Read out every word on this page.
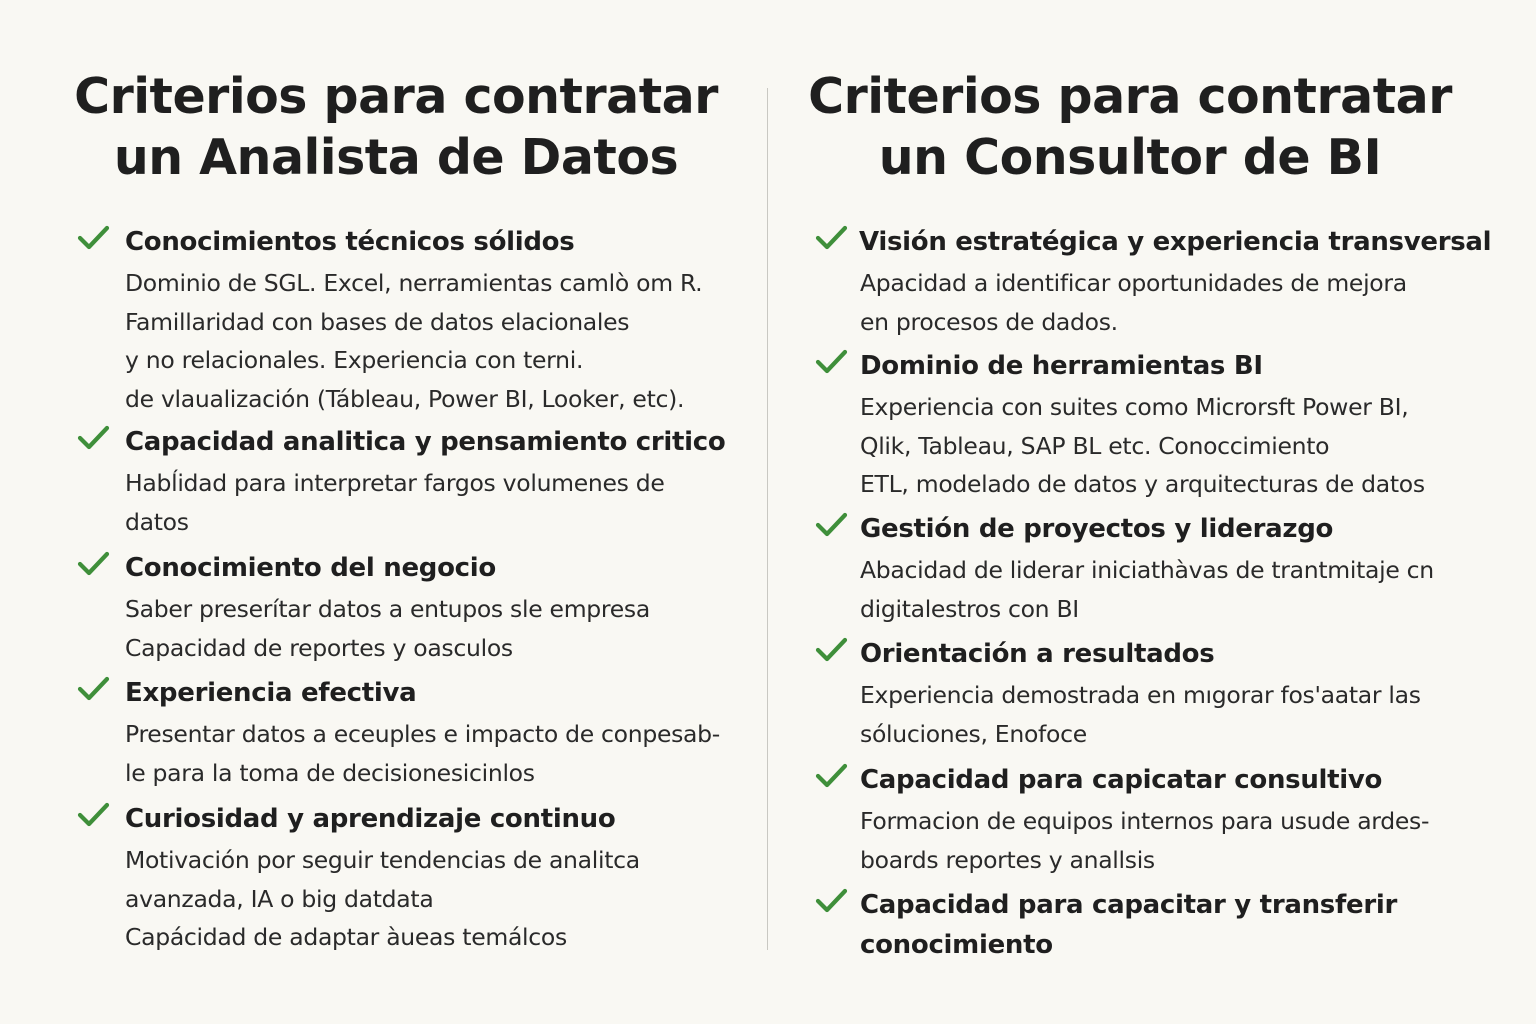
Criterios para contratar
un Analista de Datos
Conocimientos técnicos sólidos
Dominio de SGL. Excel, nerramientas camlò om R.
Famillaridad con bases de datos elacionales
y no relacionales. Experiencia con terni.
de vlaualización (Táblеau, Power BI, Looker, etc).
Capacidad analitica y pensamiento critico
Habĺidad para interpretar fargos volumenes de
datos
Conocimiento del negocio
Saber preserítar datos a entupos sle empresa
Capacidad de reportes y oasculos
Experiencia efectiva
Presentar datos a eceuples e impacto de conpesab-
le para la toma de decisionesicinlos
Curiosidad y aprendizaje continuo
Motivación por seguir tendencias de analitca
avanzada, IA o big datdata
Capácidad de adaptar àueas temálcos
Criterios para contratar
un Consultor de BI
Visión estratégica y experiencia transversal
Apacidad a identificar oportunidades de mejora
en procesos de dados.
Dominio de herramientas BI
Experiencia con suites como Microrsft Power BI,
Qlik, Tableau, SAP BL etc. Conoccimiento
ETL, modelado de datos y arquitecturas de datos
Gestión de proyectos y liderazgo
Abacidad de liderar iniciathàvas de trantmitaje cn
digitalestros con BI
Orientación a resultados
Experiencia demostrada en mıgorar fos'aatar las
sóluciones, Enofoce
Capacidad para capicatar consultivo
Formacion de equipos internos para usude ardes-
boards reportes y anallsis
Capacidad para capacitar y transferir
conocimiento
